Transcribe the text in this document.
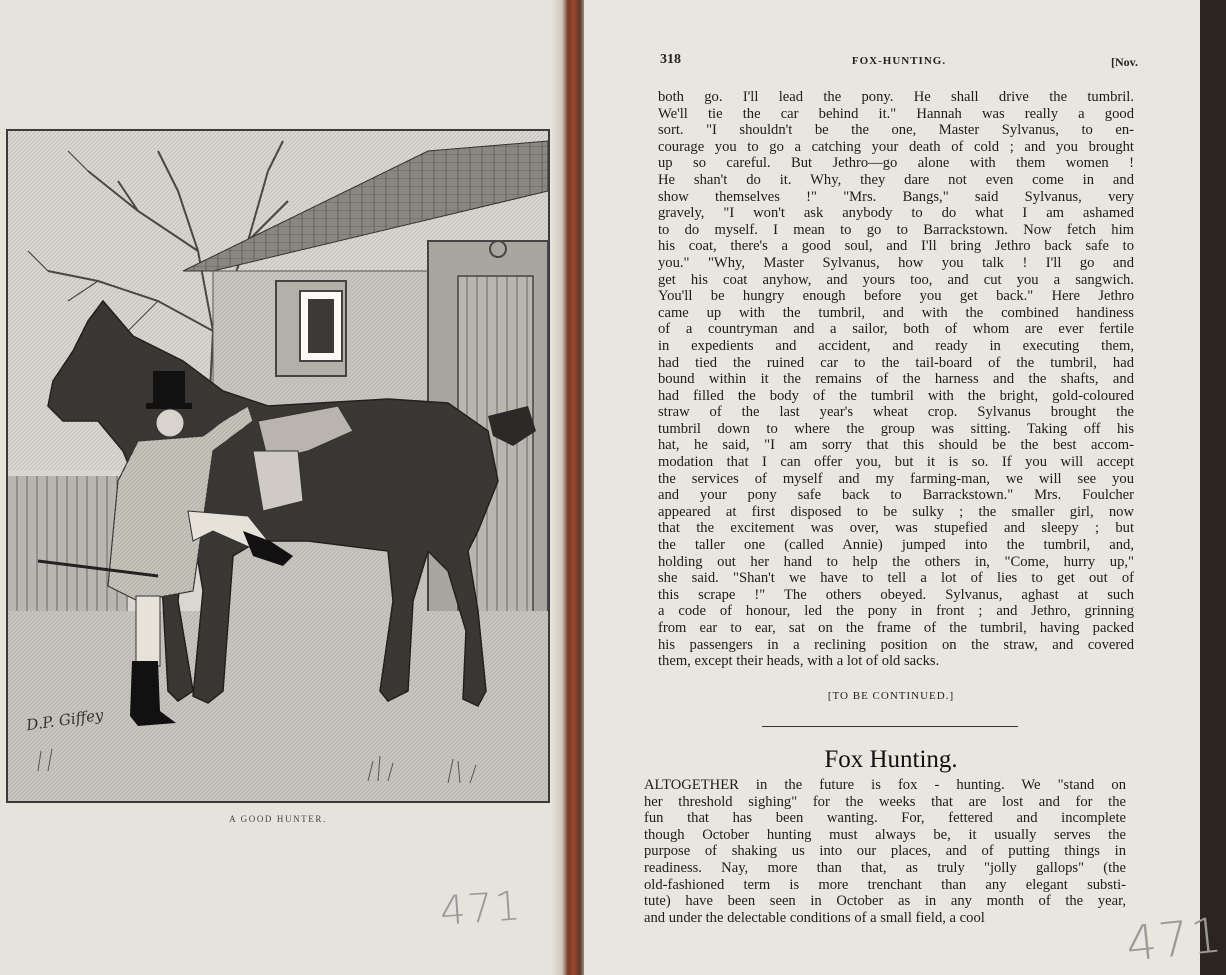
D.P. Giffey
A GOOD HUNTER.
471
318	FOX-HUNTING.	[Nov.
both go. I'll lead the pony. He shall drive the tumbril.
We'll tie the car behind it." Hannah was really a good
sort. "I shouldn't be the one, Master Sylvanus, to en-
courage you to go a catching your death of cold ; and you brought
up so careful. But Jethro—go alone with them women !
He shan't do it. Why, they dare not even come in and
show themselves !" "Mrs. Bangs," said Sylvanus, very
gravely, "I won't ask anybody to do what I am ashamed
to do myself. I mean to go to Barrackstown. Now fetch him
his coat, there's a good soul, and I'll bring Jethro back safe to
you." "Why, Master Sylvanus, how you talk ! I'll go and
get his coat anyhow, and yours too, and cut you a sangwich.
You'll be hungry enough before you get back." Here Jethro
came up with the tumbril, and with the combined handiness
of a countryman and a sailor, both of whom are ever fertile
in expedients and accident, and ready in executing them,
had tied the ruined car to the tail-board of the tumbril, had
bound within it the remains of the harness and the shafts, and
had filled the body of the tumbril with the bright, gold-coloured
straw of the last year's wheat crop. Sylvanus brought the
tumbril down to where the group was sitting. Taking off his
hat, he said, "I am sorry that this should be the best accom-
modation that I can offer you, but it is so. If you will accept
the services of myself and my farming-man, we will see you
and your pony safe back to Barrackstown." Mrs. Foulcher
appeared at first disposed to be sulky ; the smaller girl, now
that the excitement was over, was stupefied and sleepy ; but
the taller one (called Annie) jumped into the tumbril, and,
holding out her hand to help the others in, "Come, hurry up,"
she said. "Shan't we have to tell a lot of lies to get out of
this scrape !" The others obeyed. Sylvanus, aghast at such
a code of honour, led the pony in front ; and Jethro, grinning
from ear to ear, sat on the frame of the tumbril, having packed
his passengers in a reclining position on the straw, and covered
them, except their heads, with a lot of old sacks.
[TO BE CONTINUED.]
Fox Hunting.
ALTOGETHER in the future is fox - hunting. We "stand on
her threshold sighing" for the weeks that are lost and for the
fun that has been wanting. For, fettered and incomplete
though October hunting must always be, it usually serves the
purpose of shaking us into our places, and of putting things in
readiness. Nay, more than that, as truly "jolly gallops" (the
old-fashioned term is more trenchant than any elegant substi-
tute) have been seen in October as in any month of the year,
and under the delectable conditions of a small field, a cool	471
